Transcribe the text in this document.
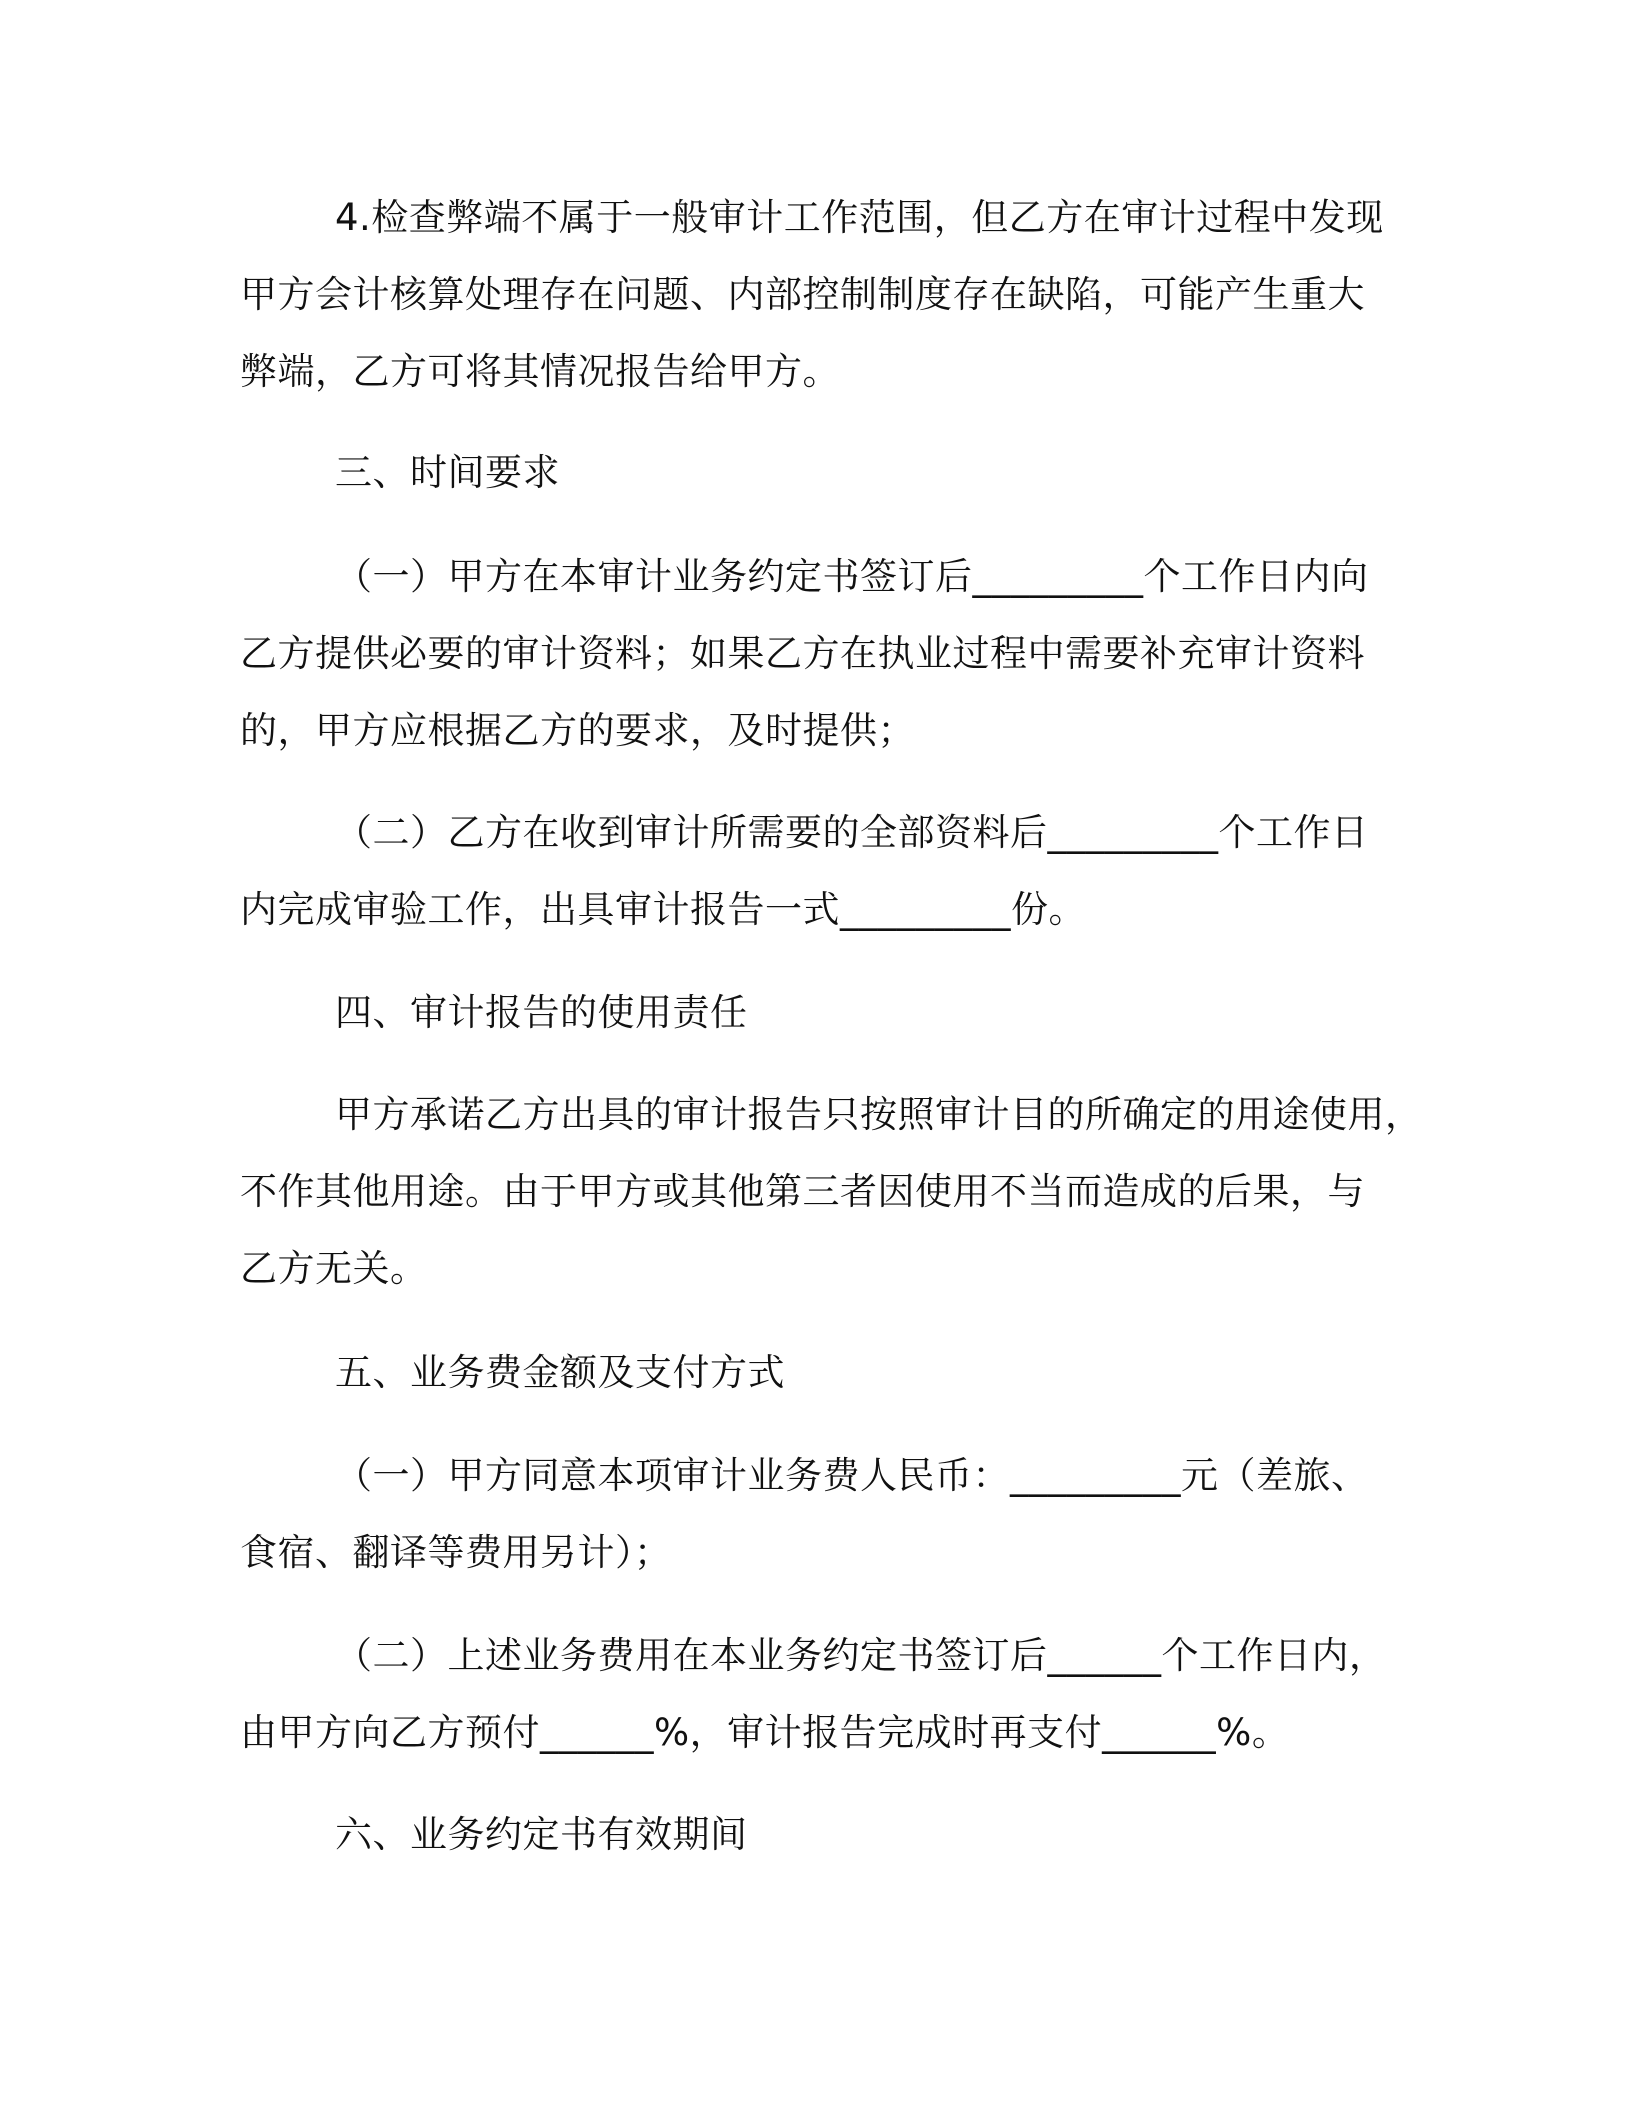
4.检查弊端不属于一般审计工作范围，但乙方在审计过程中发现
甲方会计核算处理存在问题、内部控制制度存在缺陷，可能产生重大
弊端，乙方可将其情况报告给甲方。
三、时间要求
（一）甲方在本审计业务约定书签订后_________个工作日内向
乙方提供必要的审计资料；如果乙方在执业过程中需要补充审计资料
的，甲方应根据乙方的要求，及时提供；
（二）乙方在收到审计所需要的全部资料后_________个工作日
内完成审验工作，出具审计报告一式_________份。
四、审计报告的使用责任
甲方承诺乙方出具的审计报告只按照审计目的所确定的用途使用，
不作其他用途。由于甲方或其他第三者因使用不当而造成的后果，与
乙方无关。
五、业务费金额及支付方式
（一）甲方同意本项审计业务费人民币：_________元（差旅、
食宿、翻译等费用另计）；
（二）上述业务费用在本业务约定书签订后______个工作日内，
由甲方向乙方预付______%，审计报告完成时再支付______%。
六、业务约定书有效期间
